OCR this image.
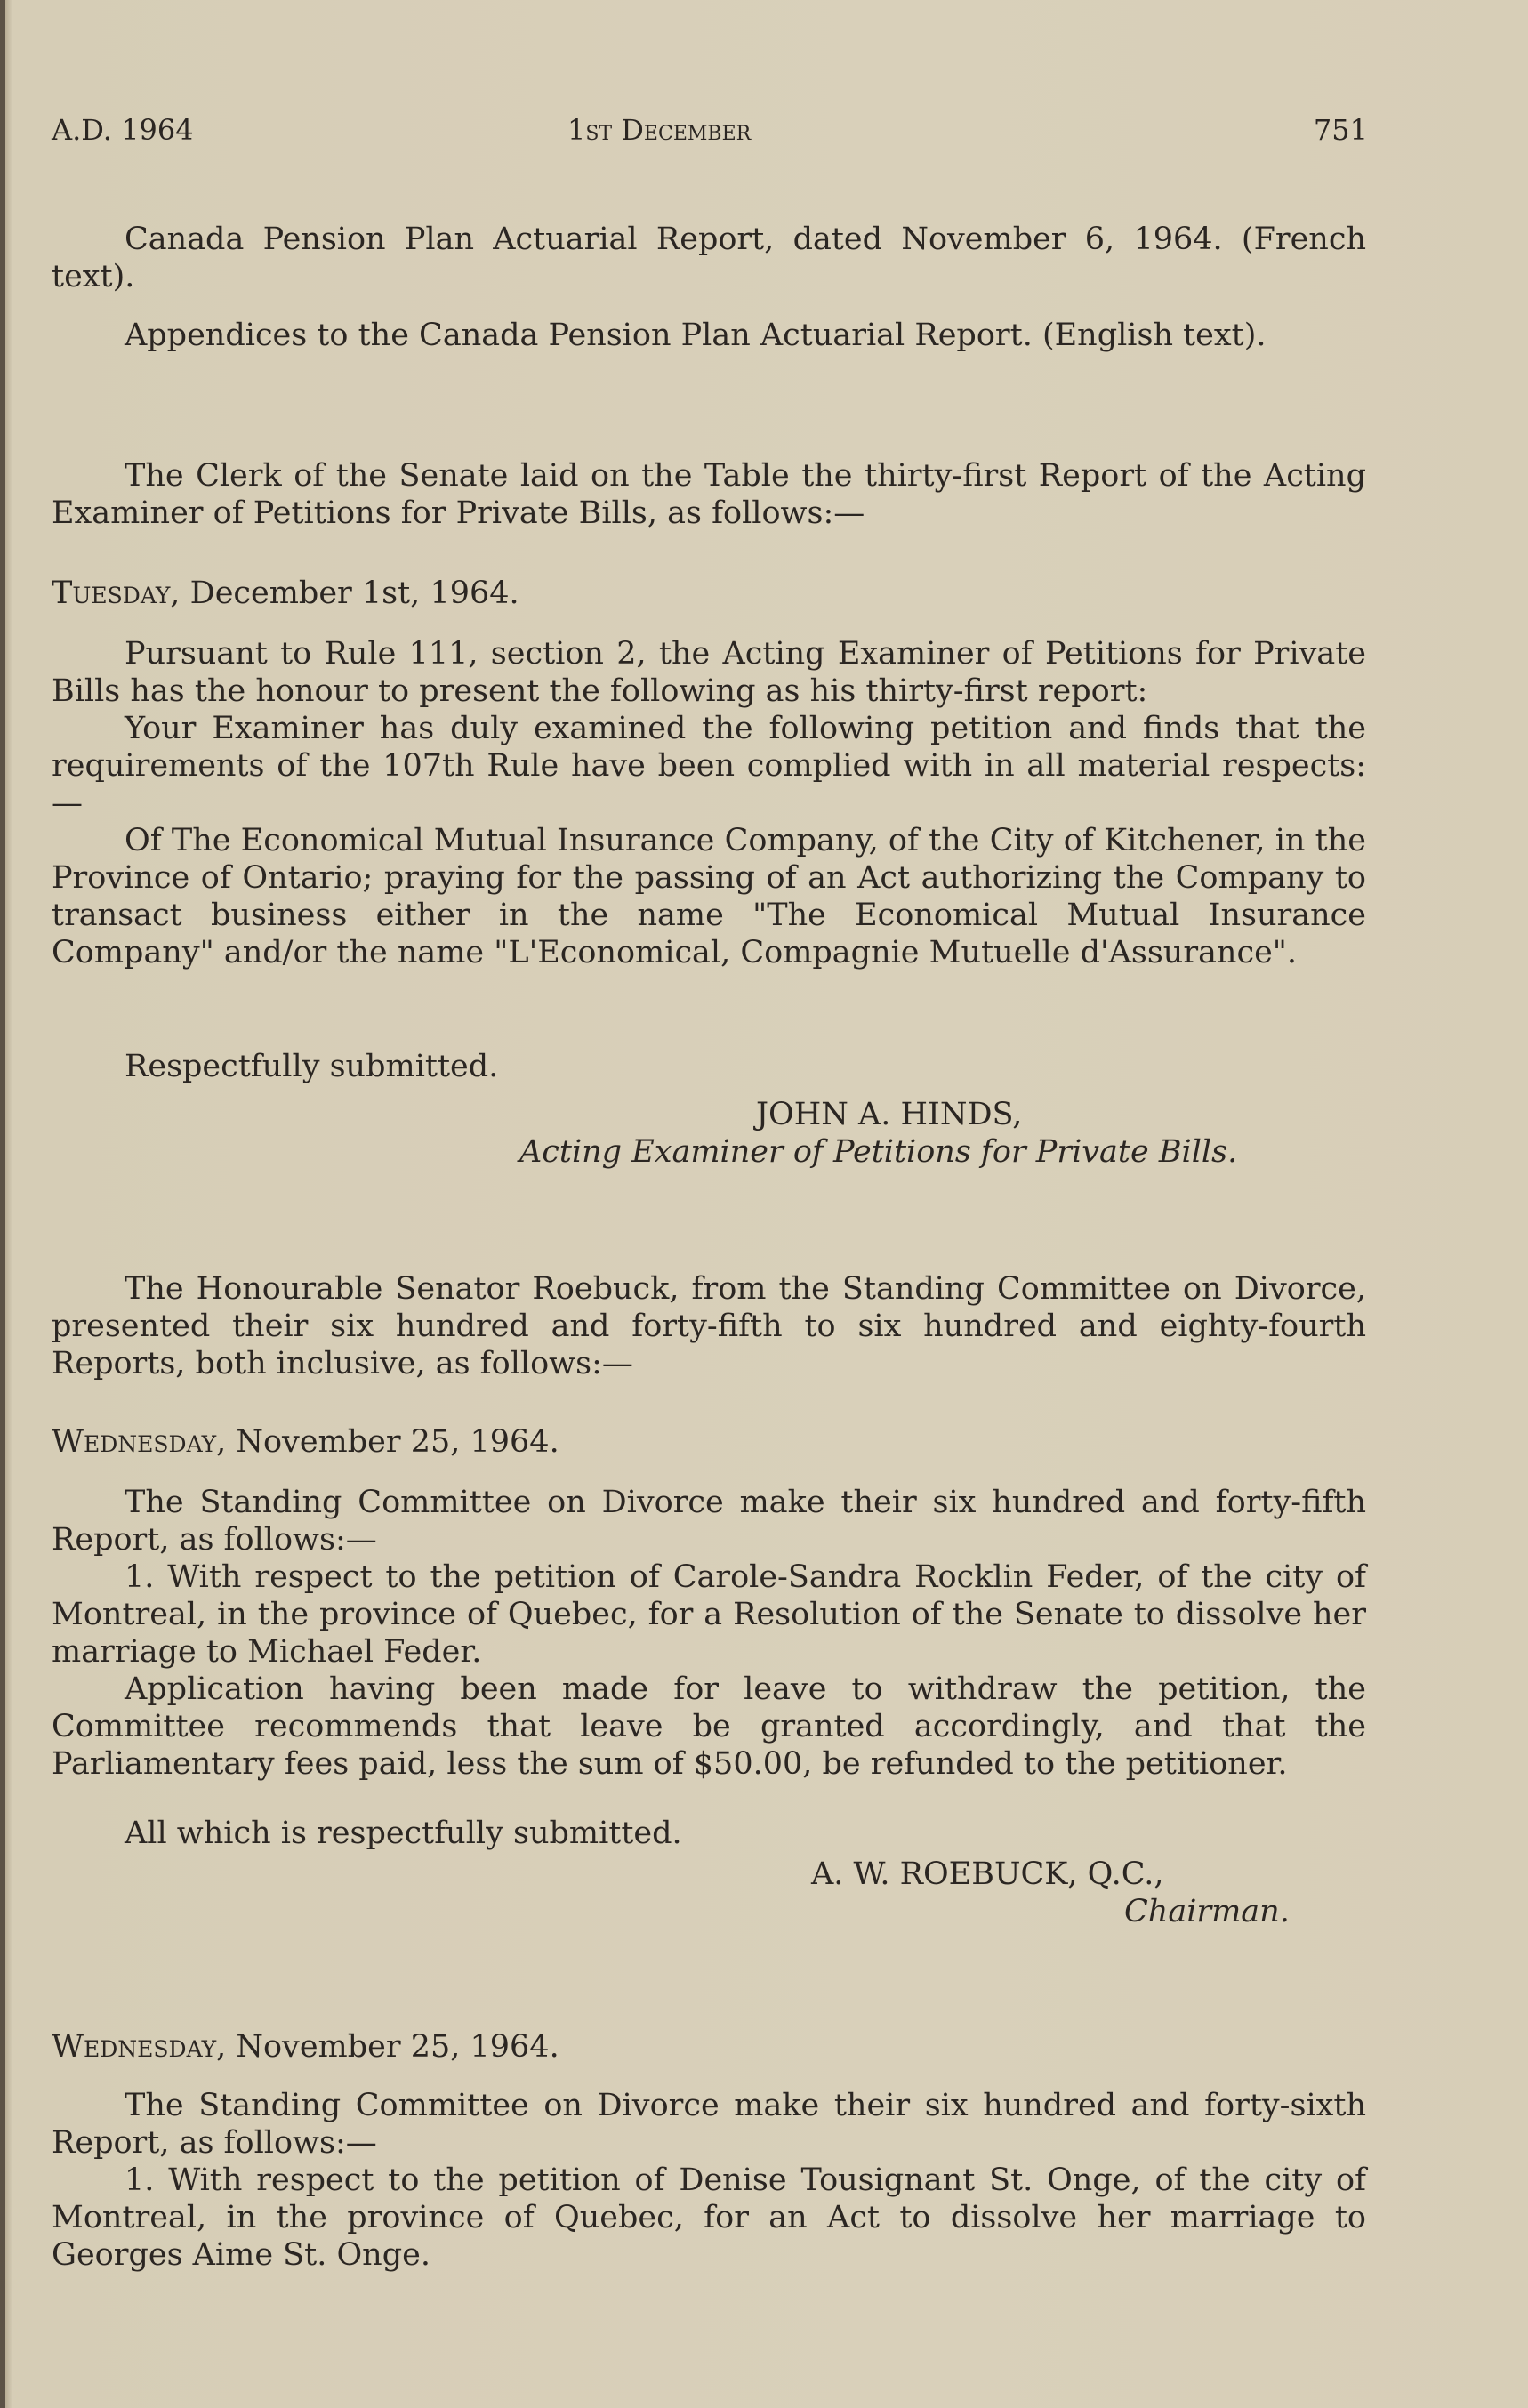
A.D. 1964	1st December	751

Canada Pension Plan Actuarial Report, dated November 6, 1964. (French text).

Appendices to the Canada Pension Plan Actuarial Report. (English text).

The Clerk of the Senate laid on the Table the thirty-first Report of the Acting Examiner of Petitions for Private Bills, as follows:—

Tuesday, December 1st, 1964.

Pursuant to Rule 111, section 2, the Acting Examiner of Petitions for Private Bills has the honour to present the following as his thirty-first report:

Your Examiner has duly examined the following petition and finds that the requirements of the 107th Rule have been complied with in all material respects:—

Of The Economical Mutual Insurance Company, of the City of Kitchener, in the Province of Ontario; praying for the passing of an Act authorizing the Company to transact business either in the name "The Economical Mutual Insurance Company" and/or the name "L'Economical, Compagnie Mutuelle d'Assurance".

Respectfully submitted.

JOHN A. HINDS,
Acting Examiner of Petitions for Private Bills.

The Honourable Senator Roebuck, from the Standing Committee on Divorce, presented their six hundred and forty-fifth to six hundred and eighty-fourth Reports, both inclusive, as follows:—

Wednesday, November 25, 1964.

The Standing Committee on Divorce make their six hundred and forty-fifth Report, as follows:—

1. With respect to the petition of Carole-Sandra Rocklin Feder, of the city of Montreal, in the province of Quebec, for a Resolution of the Senate to dissolve her marriage to Michael Feder.

Application having been made for leave to withdraw the petition, the Committee recommends that leave be granted accordingly, and that the Parliamentary fees paid, less the sum of $50.00, be refunded to the petitioner.

All which is respectfully submitted.

A. W. ROEBUCK, Q.C.,
Chairman.

Wednesday, November 25, 1964.

The Standing Committee on Divorce make their six hundred and forty-sixth Report, as follows:—

1. With respect to the petition of Denise Tousignant St. Onge, of the city of Montreal, in the province of Quebec, for an Act to dissolve her marriage to Georges Aime St. Onge.
